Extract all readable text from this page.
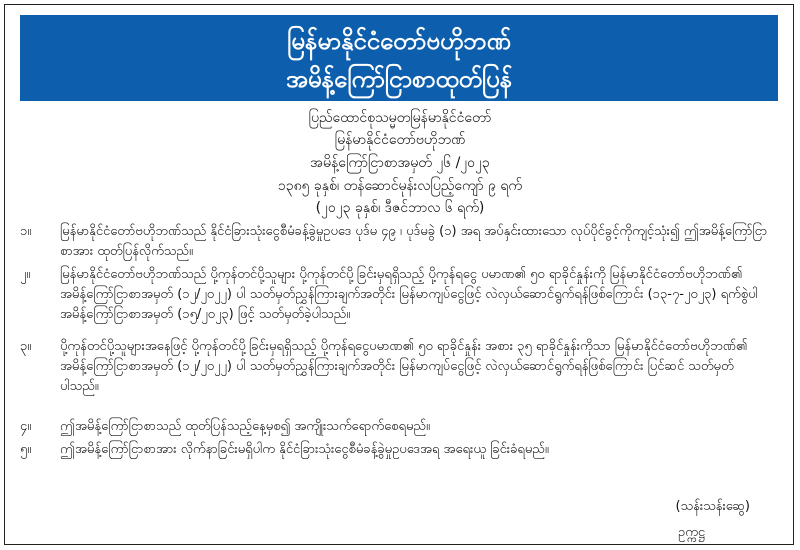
မြန်မာနိုင်ငံတော်ဗဟိုဘဏ်
အမိန့်ကြော်ငြာစာထုတ်ပြန်
ပြည်ထောင်စုသမ္မတမြန်မာနိုင်ငံတော်
မြန်မာနိုင်ငံတော်ဗဟိုဘဏ်
အမိန့်ကြော်ငြာစာအမှတ် ၂၆ /၂၀၂၃
၁၃၈၅ ခုနှစ်၊ တန်ဆောင်မုန်းလပြည့်ကျော် ၉ ရက်
(၂၀၂၃ ခုနှစ်၊ ဒီဇင်ဘာလ ၆ ရက်)
၁။ မြန်မာနိုင်ငံတော်ဗဟိုဘဏ်သည် နိုင်ငံခြားသုံးငွေစီမံခန့်ခွဲမှုဥပဒေ ပုဒ်မ ၄၉ ၊ ပုဒ်မခွဲ (၁) အရ အပ်နှင်းထားသော လုပ်ပိုင်ခွင့်ကိုကျင့်သုံး၍ ဤအမိန့်ကြော်ငြာစာအား ထုတ်ပြန်လိုက်သည်။
၂။ မြန်မာနိုင်ငံတော်ဗဟိုဘဏ်သည် ပို့ကုန်တင်ပို့သူများ ပို့ကုန်တင်ပို့ခြင်းမှရရှိသည့် ပို့ကုန်ရငွေ ပမာဏ၏ ၅၀ ရာခိုင်နှုန်းကို မြန်မာနိုင်ငံတော်ဗဟိုဘဏ်၏ အမိန့်ကြော်ငြာစာအမှတ် (၁၂/၂၀၂၂) ပါ သတ်မှတ်ညွှန်ကြားချက်အတိုင်း မြန်မာကျပ်ငွေဖြင့် လဲလှယ်ဆောင်ရွက်ရန်ဖြစ်ကြောင်း (၁၃-၇-၂၀၂၃) ရက်စွဲပါ အမိန့်ကြော်ငြာစာအမှတ် (၁၅/၂၀၂၃) ဖြင့် သတ်မှတ်ခဲ့ပါသည်။
၃။ ပို့ကုန်တင်ပို့သူများအနေဖြင့် ပို့ကုန်တင်ပို့ခြင်းမှရရှိသည့် ပို့ကုန်ရငွေပမာဏ၏ ၅၀ ရာခိုင်နှုန်း အစား ၃၅ ရာခိုင်နှုန်းကိုသာ မြန်မာနိုင်ငံတော်ဗဟိုဘဏ်၏ အမိန့်ကြော်ငြာစာအမှတ် (၁၂/၂၀၂၂) ပါ သတ်မှတ်ညွှန်ကြားချက်အတိုင်း မြန်မာကျပ်ငွေဖြင့် လဲလှယ်ဆောင်ရွက်ရန်ဖြစ်ကြောင်း ပြင်ဆင် သတ်မှတ်ပါသည်။
၄။ ဤအမိန့်ကြော်ငြာစာသည် ထုတ်ပြန်သည့်နေ့မှစ၍ အကျိုးသက်ရောက်စေရမည်။
၅။ ဤအမိန့်ကြော်ငြာစာအား လိုက်နာခြင်းမရှိပါက နိုင်ငံခြားသုံးငွေစီမံခန့်ခွဲမှုဥပဒေအရ အရေးယူ ခြင်းခံရမည်။
(သန်းသန်းဆွေ)
ဥက္ကဋ္ဌ
